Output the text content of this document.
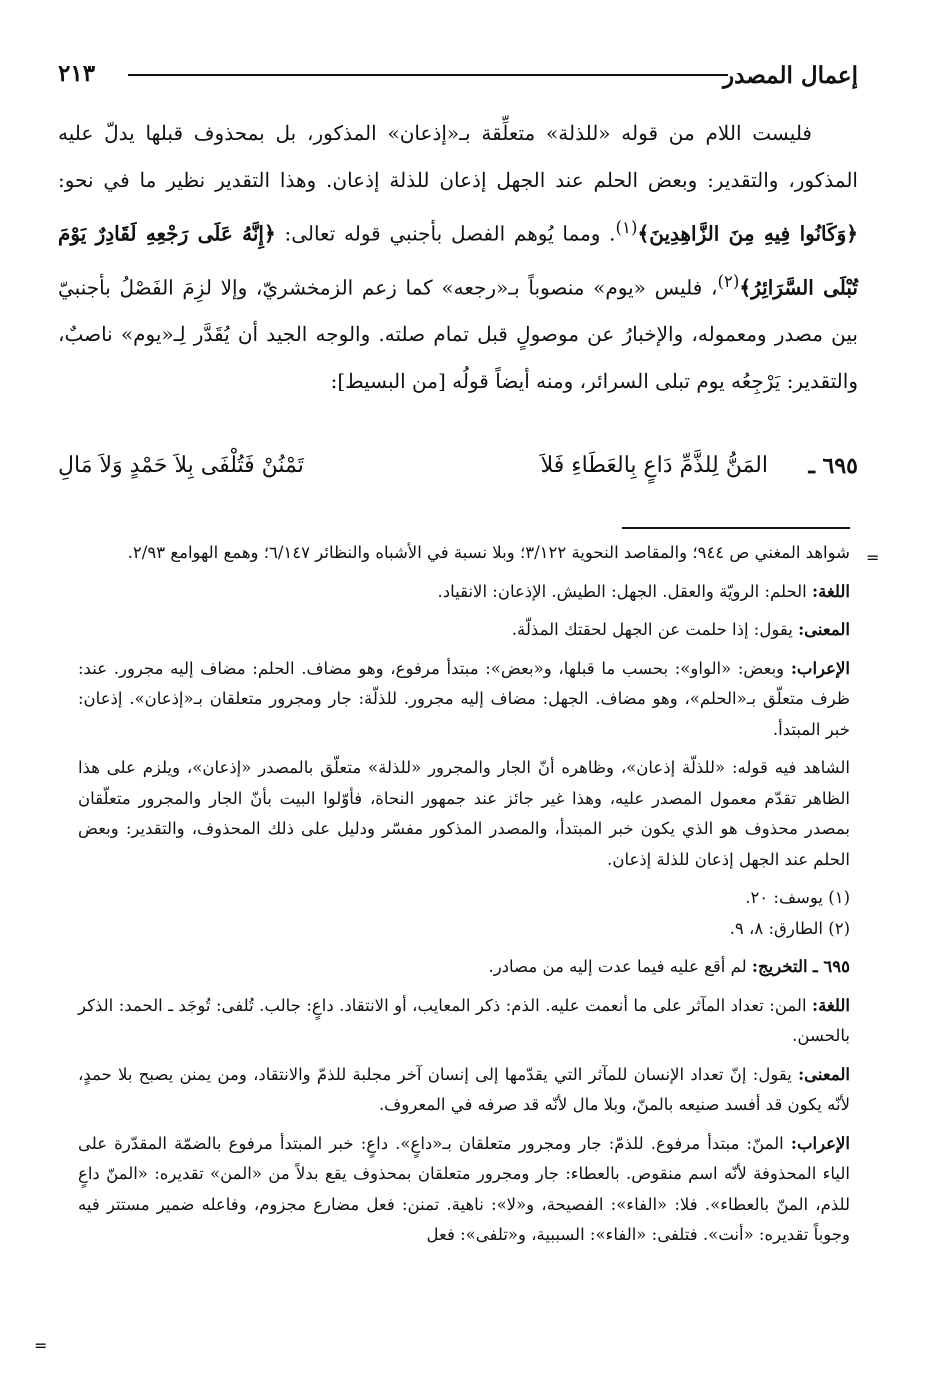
إعمال المصدر
٢١٣

فليست اللام من قوله «للذلة» متعلِّقة بـ«إذعان» المذكور، بل بمحذوف قبلها يدلّ عليه المذكور، والتقدير: وبعض الحلم عند الجهل إذعان للذلة إذعان. وهذا التقدير نظير ما في نحو: ﴿وَكَانُوا فِيهِ مِنَ الزَّاهِدِينَ﴾$^{(١)}$. ومما يُوهم الفصل بأجنبي قوله تعالى: ﴿إِنَّهُ عَلَى رَجْعِهِ لَقَادِرٌ يَوْمَ تُبْلَى السَّرَائِرُ﴾$^{(٢)}$، فليس «يوم» منصوباً بـ«رجعه» كما زعم الزمخشريّ، وإلا لزِمَ الفَصْلُ بأجنبيّ بين مصدر ومعموله، والإخبارُ عن موصولٍ قبل تمام صلته. والوجه الجيد أن يُقَدَّر لِـ«يوم» ناصبٌ، والتقدير: يَرْجِعُه يوم تبلى السرائر، ومنه أيضاً قولُه [من البسيط]:

٦٩٥ ـ
المَنُّ لِلذَّمِّ دَاعٍ بِالعَطَاءِ فَلاَ
تَمْنُنْ فَتُلْفَى بِلاَ حَمْدٍ وَلاَ مَالِ
=
=

شواهد المغني ص ٩٤٤؛ والمقاصد النحوية ٣/١٢٢؛ وبلا نسبة في الأشباه والنظائر ٦/١٤٧؛ وهمع الهوامع ٢/٩٣.

اللغة: الحلم: الرويّة والعقل. الجهل: الطيش. الإذعان: الانقياد.

المعنى: يقول: إذا حلمت عن الجهل لحقتك المذلّة.

الإعراب: وبعض: «الواو»: بحسب ما قبلها، و«بعض»: مبتدأ مرفوع، وهو مضاف. الحلم: مضاف إليه مجرور. عند: ظرف متعلّق بـ«الحلم»، وهو مضاف. الجهل: مضاف إليه مجرور. للذلّة: جار ومجرور متعلقان بـ«إذعان». إذعان: خبر المبتدأ.

الشاهد فيه قوله: «للذلّة إذعان»، وظاهره أنّ الجار والمجرور «للذلة» متعلّق بالمصدر «إذعان»، ويلزم على هذا الظاهر تقدّم معمول المصدر عليه، وهذا غير جائز عند جمهور النحاة، فأوّلوا البيت بأنّ الجار والمجرور متعلّقان بمصدر محذوف هو الذي يكون خبر المبتدأ، والمصدر المذكور مفسّر ودليل على ذلك المحذوف، والتقدير: وبعض الحلم عند الجهل إذعان للذلة إذعان.

(١) يوسف: ٢٠.

(٢) الطارق: ٨، ٩.

٦٩٥ ـ التخريج: لم أقع عليه فيما عدت إليه من مصادر.

اللغة: المن: تعداد المآثر على ما أنعمت عليه. الذم: ذكر المعايب، أو الانتقاد. داعٍ: جالب. تُلفى: تُوجَد ـ الحمد: الذكر بالحسن.

المعنى: يقول: إنّ تعداد الإنسان للمآثر التي يقدّمها إلى إنسان آخر مجلبة للذمّ والانتقاد، ومن يمنن يصبح بلا حمدٍ، لأنّه يكون قد أفسد صنيعه بالمنّ، وبلا مال لأنّه قد صرفه في المعروف.

الإعراب: المنّ: مبتدأ مرفوع. للذمّ: جار ومجرور متعلقان بـ«داعٍ». داعٍ: خبر المبتدأ مرفوع بالضمّة المقدّرة على الياء المحذوفة لأنّه اسم منقوص. بالعطاء: جار ومجرور متعلقان بمحذوف يقع بدلاً من «المن» تقديره: «المنّ داعٍ للذم، المنّ بالعطاء». فلا: «الفاء»: الفصيحة، و«لا»: ناهية. تمنن: فعل مضارع مجزوم، وفاعله ضمير مستتر فيه وجوباً تقديره: «أنت». فتلفى: «الفاء»: السببية، و«تلفى»: فعل
